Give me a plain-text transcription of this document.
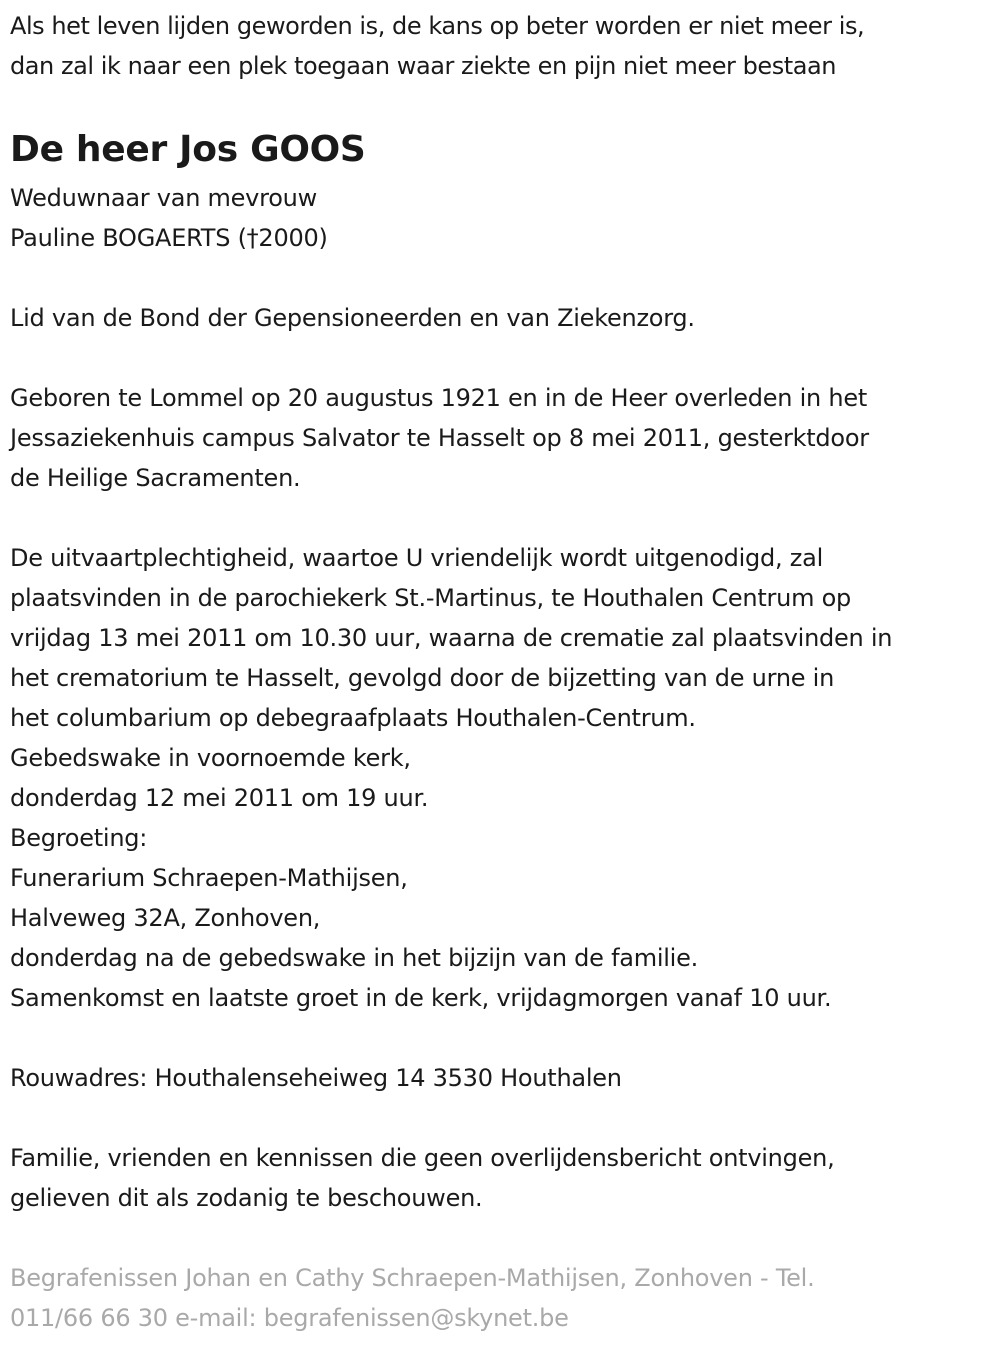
Als het leven lijden geworden is, de kans op beter worden er niet meer is,
dan zal ik naar een plek toegaan waar ziekte en pijn niet meer bestaan
De heer Jos GOOS
Weduwnaar van mevrouw
Pauline BOGAERTS (†2000)
Lid van de Bond der Gepensioneerden en van Ziekenzorg.
Geboren te Lommel op 20 augustus 1921 en in de Heer overleden in het
Jessaziekenhuis campus Salvator te Hasselt op 8 mei 2011, gesterktdoor
de Heilige Sacramenten.
De uitvaartplechtigheid, waartoe U vriendelijk wordt uitgenodigd, zal
plaatsvinden in de parochiekerk St.-Martinus, te Houthalen Centrum op
vrijdag 13 mei 2011 om 10.30 uur, waarna de crematie zal plaatsvinden in
het crematorium te Hasselt, gevolgd door de bijzetting van de urne in
het columbarium op debegraafplaats Houthalen-Centrum.
Gebedswake in voornoemde kerk,
donderdag 12 mei 2011 om 19 uur.
Begroeting:
Funerarium Schraepen-Mathijsen,
Halveweg 32A, Zonhoven,
donderdag na de gebedswake in het bijzijn van de familie.
Samenkomst en laatste groet in de kerk, vrijdagmorgen vanaf 10 uur.
Rouwadres: Houthalenseheiweg 14 3530 Houthalen
Familie, vrienden en kennissen die geen overlijdensbericht ontvingen,
gelieven dit als zodanig te beschouwen.
Begrafenissen Johan en Cathy Schraepen-Mathijsen, Zonhoven - Tel.
011/66 66 30 e-mail: begrafenissen@skynet.be
